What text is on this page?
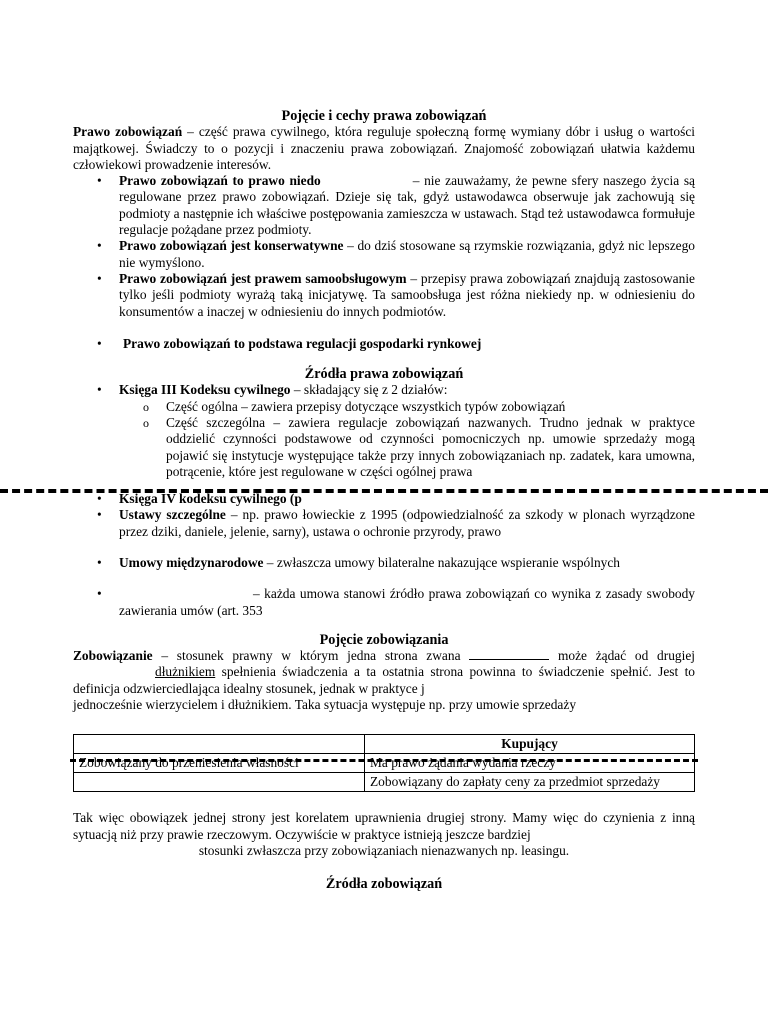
Pojęcie i cechy prawa zobowiązań

Prawo zobowiązań – część prawa cywilnego, która reguluje społeczną formę wymiany dóbr i usług o wartości majątkowej. Świadczy to o pozycji i znaczeniu prawa zobowiązań. Znajomość zobowiązań ułatwia każdemu człowiekowi prowadzenie interesów.

• Prawo zobowiązań to prawo niedo	– nie zauważamy, że pewne sfery naszego życia są regulowane przez prawo zobowiązań. Dzieje się tak, gdyż ustawodawca obserwuje jak zachowują się podmioty a następnie ich właściwe postępowania zamieszcza w ustawach. Stąd też ustawodawca formułuje regulacje pożądane przez podmioty.
• Prawo zobowiązań jest konserwatywne – do dziś stosowane są rzymskie rozwiązania, gdyż nic lepszego nie wymyślono.
• Prawo zobowiązań jest prawem samoobsługowym – przepisy prawa zobowiązań znajdują zastosowanie tylko jeśli podmioty wyrażą taką inicjatywę. Ta samoobsługa jest różna niekiedy np. w odniesieniu do konsumentów a inaczej w odniesieniu do innych podmiotów.
• Prawo zobowiązań to podstawa regulacji gospodarki rynkowej
Źródła prawa zobowiązań
• Księga III Kodeksu cywilnego – składający się z 2 działów:
o Część ogólna – zawiera przepisy dotyczące wszystkich typów zobowiązań
o Część szczególna – zawiera regulacje zobowiązań nazwanych. Trudno jednak w praktyce oddzielić czynności podstawowe od czynności pomocniczych np. umowie sprzedaży mogą pojawić się instytucje występujące także przy innych zobowiązaniach np. zadatek, kara umowna, potrącenie, które jest regulowane w części ogólnej prawa
• Księga IV kodeksu cywilnego (p
• Ustawy szczególne – np. prawo łowieckie z 1995 (odpowiedzialność za szkody w plonach wyrządzone przez dziki, daniele, jelenie, sarny), ustawa o ochronie przyrody, prawo
• Umowy międzynarodowe – zwłaszcza umowy bilateralne nakazujące wspieranie wspólnych
• – każda umowa stanowi źródło prawa zobowiązań co wynika z zasady swobody zawierania umów (art. 353
Pojęcie zobowiązania

Zobowiązanie – stosunek prawny w którym jedna strona zwana	może żądać od drugiej dłużnikiem spełnienia świadczenia a ta ostatnia strona powinna to świadczenie spełnić. Jest to definicja odzwierciedlająca idealny stosunek, jednak w praktyce j

jednocześnie wierzycielem i dłużnikiem. Taka sytuacja występuje np. przy umowie sprzedaży

	Kupujący
Zobowiązany do przeniesienia własności	Ma prawo żądania wydania rzeczy
	Zobowiązany do zapłaty ceny za przedmiot sprzedaży

Tak więc obowiązek jednej strony jest korelatem uprawnienia drugiej strony. Mamy więc do czynienia z inną sytuacją niż przy prawie rzeczowym. Oczywiście w praktyce istnieją jeszcze bardziej

stosunki zwłaszcza przy zobowiązaniach nienazwanych np. leasingu.

Źródła zobowiązań
